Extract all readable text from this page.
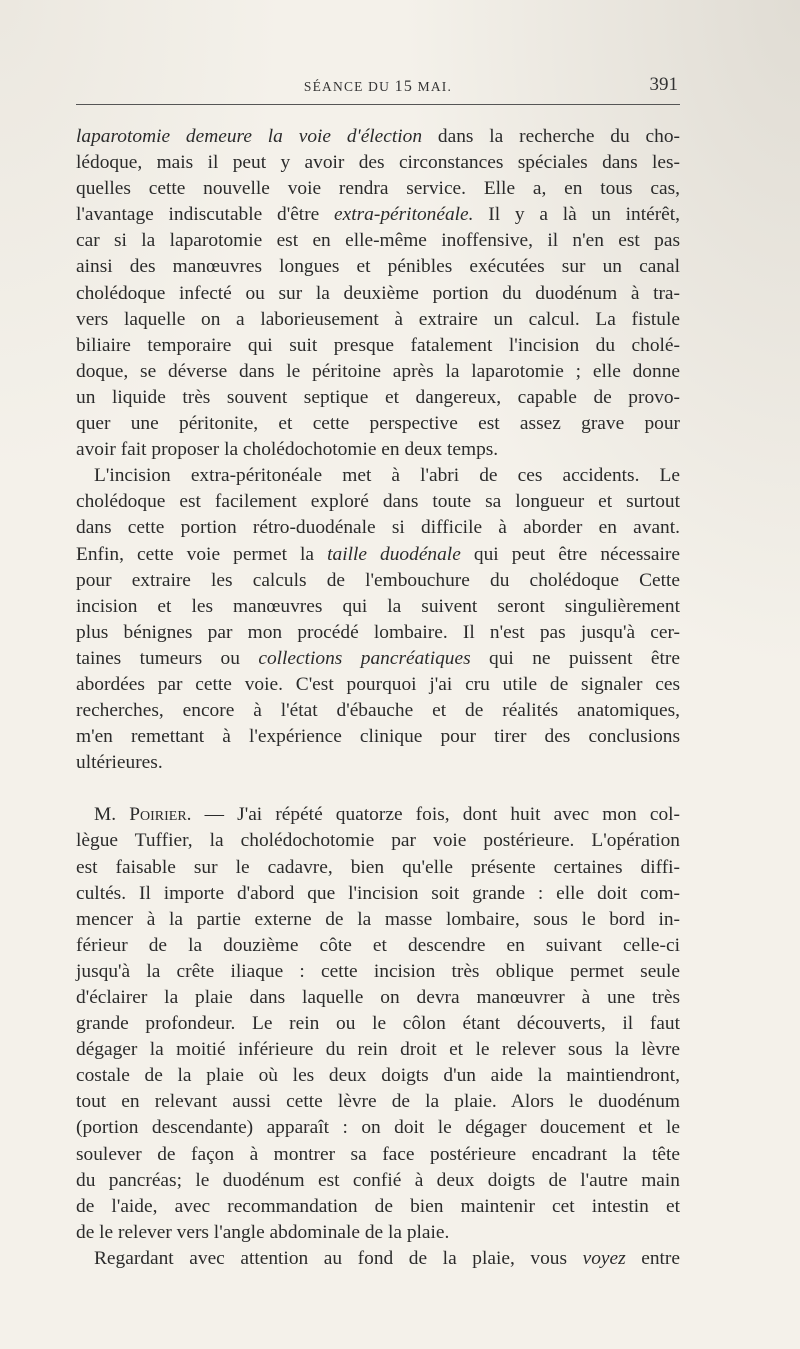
SÉANCE DU 15 MAI.	391
laparotomie demeure la voie d'élection dans la recherche du cho-
lédoque, mais il peut y avoir des circonstances spéciales dans les-
quelles cette nouvelle voie rendra service. Elle a, en tous cas,
l'avantage indiscutable d'être extra-péritonéale. Il y a là un intérêt,
car si la laparotomie est en elle-même inoffensive, il n'en est pas
ainsi des manœuvres longues et pénibles exécutées sur un canal
cholédoque infecté ou sur la deuxième portion du duodénum à tra-
vers laquelle on a laborieusement à extraire un calcul. La fistule
biliaire temporaire qui suit presque fatalement l'incision du cholé-
doque, se déverse dans le péritoine après la laparotomie ; elle donne
un liquide très souvent septique et dangereux, capable de provo-
quer une péritonite, et cette perspective est assez grave pour
avoir fait proposer la cholédochotomie en deux temps.
L'incision extra-péritonéale met à l'abri de ces accidents. Le
cholédoque est facilement exploré dans toute sa longueur et surtout
dans cette portion rétro-duodénale si difficile à aborder en avant.
Enfin, cette voie permet la taille duodénale qui peut être nécessaire
pour extraire les calculs de l'embouchure du cholédoque Cette
incision et les manœuvres qui la suivent seront singulièrement
plus bénignes par mon procédé lombaire. Il n'est pas jusqu'à cer-
taines tumeurs ou collections pancréatiques qui ne puissent être
abordées par cette voie. C'est pourquoi j'ai cru utile de signaler ces
recherches, encore à l'état d'ébauche et de réalités anatomiques,
m'en remettant à l'expérience clinique pour tirer des conclusions
ultérieures.
M. Poirier. — J'ai répété quatorze fois, dont huit avec mon col-
lègue Tuffier, la cholédochotomie par voie postérieure. L'opération
est faisable sur le cadavre, bien qu'elle présente certaines diffi-
cultés. Il importe d'abord que l'incision soit grande : elle doit com-
mencer à la partie externe de la masse lombaire, sous le bord in-
férieur de la douzième côte et descendre en suivant celle-ci
jusqu'à la crête iliaque : cette incision très oblique permet seule
d'éclairer la plaie dans laquelle on devra manœuvrer à une très
grande profondeur. Le rein ou le côlon étant découverts, il faut
dégager la moitié inférieure du rein droit et le relever sous la lèvre
costale de la plaie où les deux doigts d'un aide la maintiendront,
tout en relevant aussi cette lèvre de la plaie. Alors le duodénum
(portion descendante) apparaît : on doit le dégager doucement et le
soulever de façon à montrer sa face postérieure encadrant la tête
du pancréas; le duodénum est confié à deux doigts de l'autre main
de l'aide, avec recommandation de bien maintenir cet intestin et
de le relever vers l'angle abdominale de la plaie.
Regardant avec attention au fond de la plaie, vous voyez entre
